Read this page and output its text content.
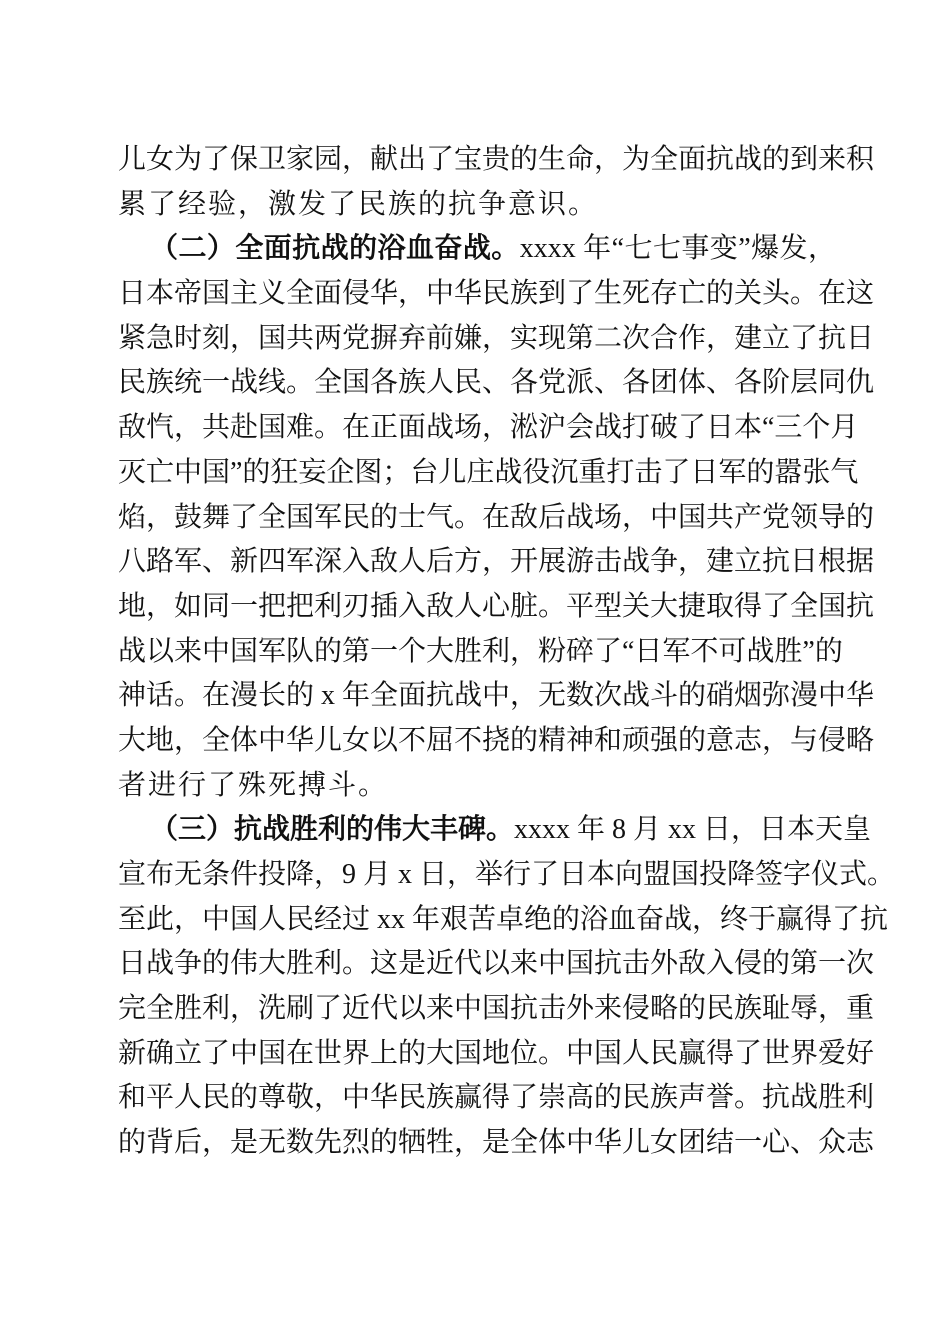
儿女为了保卫家园，献出了宝贵的生命，为全面抗战的到来积
累了经验，激发了民族的抗争意识。
（二）全面抗战的浴血奋战。xxxx 年“七七事变”爆发，
日本帝国主义全面侵华，中华民族到了生死存亡的关头。在这
紧急时刻，国共两党摒弃前嫌，实现第二次合作，建立了抗日
民族统一战线。全国各族人民、各党派、各团体、各阶层同仇
敌忾，共赴国难。在正面战场，淞沪会战打破了日本“三个月
灭亡中国”的狂妄企图；台儿庄战役沉重打击了日军的嚣张气
焰，鼓舞了全国军民的士气。在敌后战场，中国共产党领导的
八路军、新四军深入敌人后方，开展游击战争，建立抗日根据
地，如同一把把利刃插入敌人心脏。平型关大捷取得了全国抗
战以来中国军队的第一个大胜利，粉碎了“日军不可战胜”的
神话。在漫长的 x 年全面抗战中，无数次战斗的硝烟弥漫中华
大地，全体中华儿女以不屈不挠的精神和顽强的意志，与侵略
者进行了殊死搏斗。
（三）抗战胜利的伟大丰碑。xxxx 年 8 月 xx 日，日本天皇
宣布无条件投降，9 月 x 日，举行了日本向盟国投降签字仪式。
至此，中国人民经过 xx 年艰苦卓绝的浴血奋战，终于赢得了抗
日战争的伟大胜利。这是近代以来中国抗击外敌入侵的第一次
完全胜利，洗刷了近代以来中国抗击外来侵略的民族耻辱，重
新确立了中国在世界上的大国地位。中国人民赢得了世界爱好
和平人民的尊敬，中华民族赢得了崇高的民族声誉。抗战胜利
的背后，是无数先烈的牺牲，是全体中华儿女团结一心、众志
